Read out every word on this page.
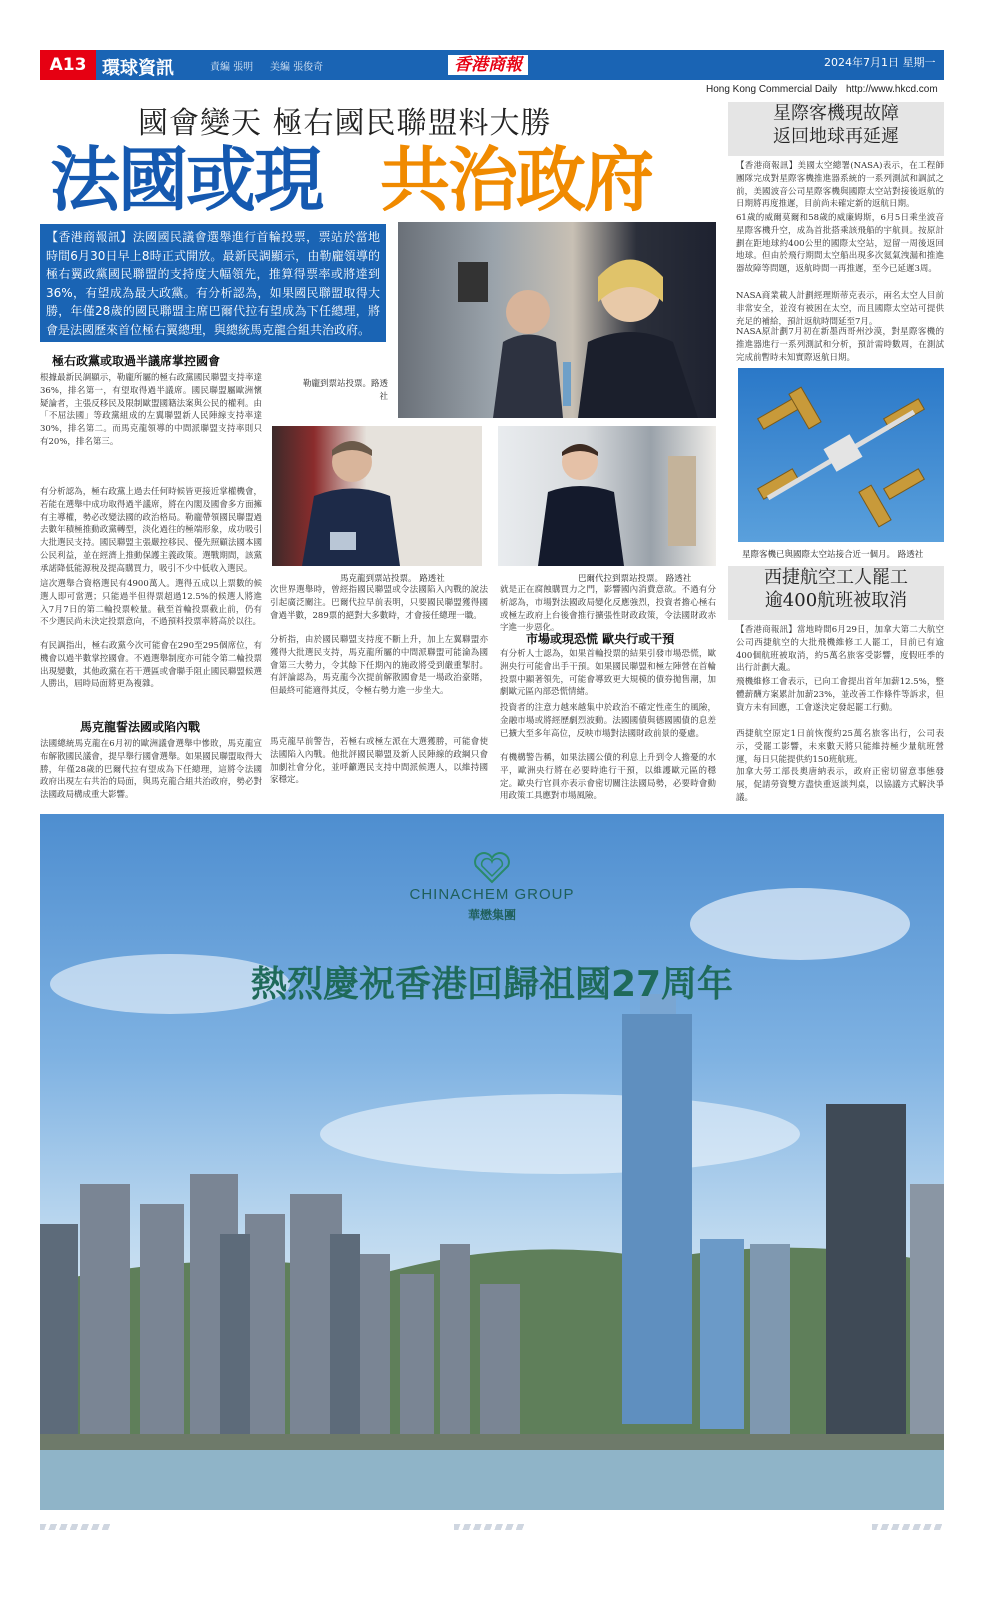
A13 環球資訊	責編 張明 美編 張俊奇	香港商報	2024年7月1日 星期一
Hong Kong Commercial Daily http://www.hkcd.com
國會變天 極右國民聯盟料大勝
法國或現 共治政府
【香港商報訊】法國國民議會選舉進行首輪投票，票站於當地時間6月30日早上8時正式開放。最新民調顯示，由勒龐領導的極右翼政黨國民聯盟的支持度大幅領先，推算得票率或將達到36%，有望成為最大政黨。有分析認為，如果國民聯盟取得大勝，年僅28歲的國民聯盟主席巴爾代拉有望成為下任總理，將會是法國歷來首位極右翼總理，與總統馬克龍合組共治政府。
勒龐到票站投票。路透社
極右政黨或取過半議席掌控國會
根據最新民調顯示，勒龐所屬的極右政黨國民聯盟支持率達36%，排名第一，有望取得過半議席。國民聯盟屬歐洲懷疑論者，主張反移民及限制歐盟國籍法案與公民的權利。由「不屈法國」等政黨組成的左翼聯盟新人民陣線支持率達30%，排名第二。而馬克龍領導的中間派聯盟支持率則只有20%，排名第三。
有分析認為，極右政黨上過去任何時候皆更接近掌權機會，若能在選舉中成功取得過半議席，將在內閣及國會多方面擁有主導權，勢必改變法國的政治格局。勒龐帶領國民聯盟過去數年積極推動政黨轉型，淡化過往的極端形象，成功吸引大批選民支持。國民聯盟主張嚴控移民、優先照顧法國本國公民利益，並在經濟上推動保護主義政策。選戰期間，該黨承諾降低能源稅及提高購買力，吸引不少中低收入選民。
這次選舉合資格選民有4900萬人。選得五成以上票數的候選人即可當選；只能過半但得票超過12.5%的候選人將進入7月7日的第二輪投票較量。截至首輪投票截止前，仍有不少選民尚未決定投票意向，不過預料投票率將高於以往。
有民調指出，極右政黨今次可能會在290至295個席位，有機會以過半數掌控國會。不過選舉制度亦可能令第二輪投票出現變數，其他政黨在若干選區或會聯手阻止國民聯盟候選人勝出，屆時局面將更為複雜。
馬克龍誓法國或陷內戰
法國總統馬克龍在6月初的歐洲議會選舉中慘敗，馬克龍宣布解散國民議會，提早舉行國會選舉。如果國民聯盟取得大勝，年僅28歲的巴爾代拉有望成為下任總理，這將令法國政府出現左右共治的局面，與馬克龍合組共治政府，勢必對法國政局構成重大影響。
馬克龍到票站投票。 路透社	巴爾代拉到票站投票。 路透社
次世界選舉時，曾經指國民聯盟或令法國陷入內戰的說法引起廣泛關注。巴爾代拉早前表明，只要國民聯盟獲得國會過半數，289票的絕對大多數時，才會接任總理一職。
分析指，由於國民聯盟支持度不斷上升，加上左翼聯盟亦獲得大批選民支持，馬克龍所屬的中間派聯盟可能淪為國會第三大勢力，令其餘下任期內的施政將受到嚴重掣肘。有評論認為，馬克龍今次提前解散國會是一場政治豪賭，但最終可能適得其反，令極右勢力進一步坐大。
馬克龍早前警告，若極右或極左派在大選獲勝，可能會使法國陷入內戰。他批評國民聯盟及新人民陣線的政綱只會加劇社會分化，並呼籲選民支持中間派候選人，以維持國家穩定。
就是正在腐蝕購買力之門，影響國內消費意欲。不過有分析認為，市場對法國政局變化反應強烈，投資者擔心極右或極左政府上台後會推行擴張性財政政策，令法國財政赤字進一步惡化。
市場或現恐慌 歐央行或干預
有分析人士認為，如果首輪投票的結果引發市場恐慌，歐洲央行可能會出手干預。如果國民聯盟和極左陣營在首輪投票中顯著領先，可能會導致更大規模的債券拋售潮，加劇歐元區內部恐慌情緒。
投資者的注意力越來越集中於政治不確定性產生的風險，金融市場或將經歷劇烈波動。法國國債與德國國債的息差已擴大至多年高位，反映市場對法國財政前景的憂慮。
有機構警告稱，如果法國公債的利息上升到令人擔憂的水平，歐洲央行將在必要時進行干預，以維護歐元區的穩定。歐央行官員亦表示會密切關注法國局勢，必要時會動用政策工具應對市場風險。
星際客機現故障
返回地球再延遲
【香港商報訊】美國太空總署(NASA)表示，在工程師團隊完成對星際客機推進器系統的一系列測試和調試之前，美國波音公司星際客機與國際太空站對接後返航的日期將再度推遲，目前尚未確定新的返航日期。
61歲的威爾莫爾和58歲的威廉姆斯，6月5日乘坐波音星際客機升空，成為首批搭乘該飛船的宇航員。按原計劃在距地球約400公里的國際太空站，逗留一周後返回地球。但由於飛行期間太空船出現多次氦氣洩漏和推進器故障等問題，返航時間一再推遲，至今已延遲3周。
NASA商業載人計劃經理斯蒂克表示，兩名太空人目前非常安全，並沒有被困在太空，而且國際太空站可提供充足的補給，預計返航時間延至7月。
NASA原計劃7月初在新墨西哥州沙漠，對星際客機的推進器進行一系列測試和分析，預計需時數周，在測試完成前暫時未知實際返航日期。
星際客機已與國際太空站接合近一個月。 路透社
西捷航空工人罷工
逾400航班被取消
【香港商報訊】當地時間6月29日，加拿大第二大航空公司西捷航空的大批飛機維修工人罷工，目前已有逾400個航班被取消，約5萬名旅客受影響，度假旺季的出行計劃大亂。
飛機維修工會表示，已向工會提出首年加薪12.5%，整體薪酬方案累計加薪23%，並改善工作條件等訴求，但資方未有回應，工會遂決定發起罷工行動。
西捷航空原定1日前恢復約25萬名旅客出行，公司表示，受罷工影響，未來數天將只能維持極少量航班營運，每日只能提供約150班航班。
加拿大勞工部長奧唐納表示，政府正密切留意事態發展，促請勞資雙方盡快重返談判桌，以協議方式解決爭議。
CHINACHEM GROUP
華懋集團
熱烈慶祝香港回歸祖國27周年
